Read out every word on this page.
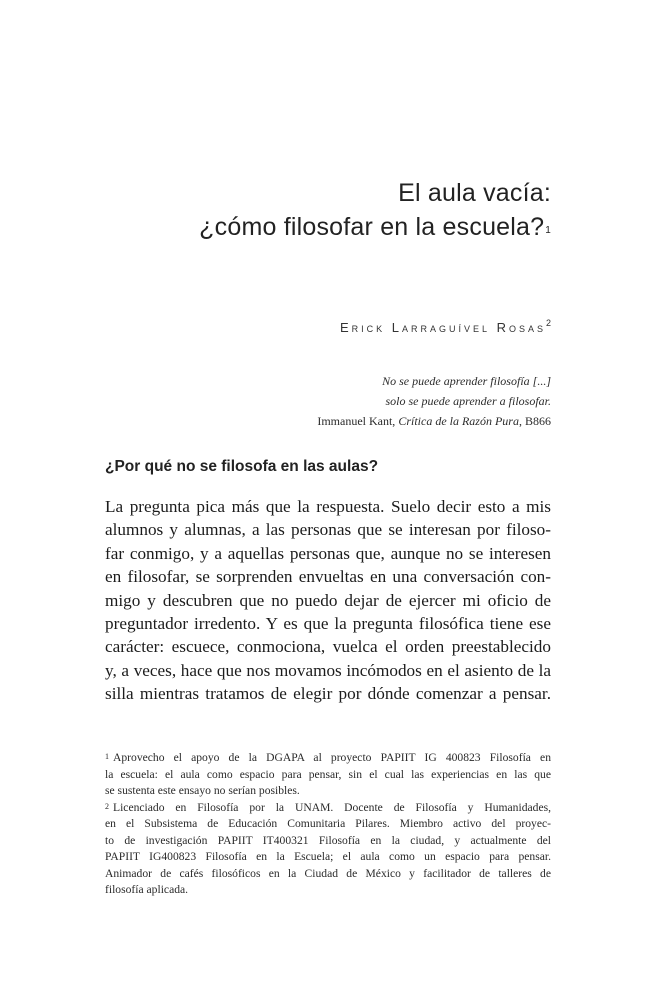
El aula vacía:
¿cómo filosofar en la escuela?$^1$
Erick Larraguível Rosas$^2$
No se puede aprender filosofía [...]
solo se puede aprender a filosofar.
Immanuel Kant, Crítica de la Razón Pura, B866
¿Por qué no se filosofa en las aulas?
La pregunta pica más que la respuesta. Suelo decir esto a mis
alumnos y alumnas, a las personas que se interesan por filoso-
far conmigo, y a aquellas personas que, aunque no se interesen
en filosofar, se sorprenden envueltas en una conversación con-
migo y descubren que no puedo dejar de ejercer mi oficio de
preguntador irredento. Y es que la pregunta filosófica tiene ese
carácter: escuece, conmociona, vuelca el orden preestablecido
y, a veces, hace que nos movamos incómodos en el asiento de la
silla mientras tratamos de elegir por dónde comenzar a pensar.
$^1$ Aprovecho el apoyo de la DGAPA al proyecto PAPIIT IG 400823 Filosofía en
la escuela: el aula como espacio para pensar, sin el cual las experiencias en las que
se sustenta este ensayo no serían posibles.
$^2$ Licenciado en Filosofía por la UNAM. Docente de Filosofía y Humanidades,
en el Subsistema de Educación Comunitaria Pilares. Miembro activo del proyec-
to de investigación PAPIIT IT400321 Filosofía en la ciudad, y actualmente del
PAPIIT IG400823 Filosofía en la Escuela; el aula como un espacio para pensar.
Animador de cafés filosóficos en la Ciudad de México y facilitador de talleres de
filosofía aplicada.
